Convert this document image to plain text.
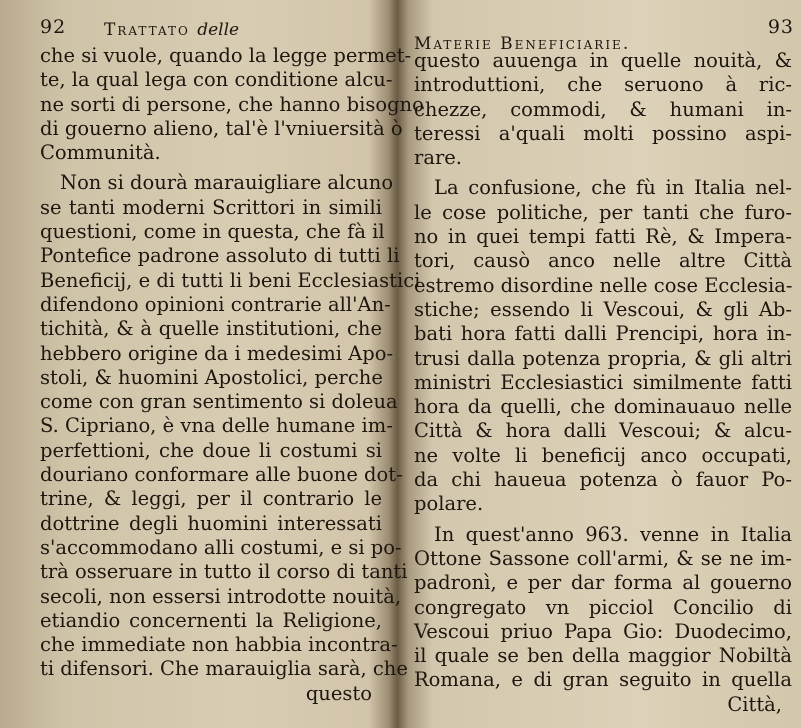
92 Trattato delle
che si vuole, quando la legge permet-
te, la qual lega con conditione alcu-
ne sorti di persone, che hanno bisogno
di gouerno alieno, tal'è l'vniuersità ò
Communità.
Non si dourà marauigliare alcuno
se tanti moderni Scrittori in simili
questioni, come in questa, che fà il
Pontefice padrone assoluto di tutti li
Beneficij, e di tutti li beni Ecclesiastici
difendono opinioni contrarie all'An-
tichità, & à quelle institutioni, che
hebbero origine da i medesimi Apo-
stoli, & huomini Apostolici, perche
come con gran sentimento si doleua
S. Cipriano, è vna delle humane im-
perfettioni, che doue li costumi si
douriano conformare alle buone dot-
trine, & leggi, per il contrario le
dottrine degli huomini interessati
s'accommodano alli costumi, e si po-
trà osseruare in tutto il corso di tanti
secoli, non essersi introdotte nouità,
etiandio concernenti la Religione,
che immediate non habbia incontra-
ti difensori. Che marauiglia sarà, che
questo
Materie Beneficiarie.
93
questo auuenga in quelle nouità, &
introduttioni, che seruono à ric-
chezze, commodi, & humani in-
teressi a'quali molti possino aspi-
rare.
La confusione, che fù in Italia nel-
le cose politiche, per tanti che furo-
no in quei tempi fatti Rè, & Impera-
tori, causò anco nelle altre Città
estremo disordine nelle cose Ecclesia-
stiche; essendo li Vescoui, & gli Ab-
bati hora fatti dalli Prencipi, hora in-
trusi dalla potenza propria, & gli altri
ministri Ecclesiastici similmente fatti
hora da quelli, che dominauauo nelle
Città & hora dalli Vescoui; & alcu-
ne volte li beneficij anco occupati,
da chi haueua potenza ò fauor Po-
polare.
In quest'anno 963. venne in Italia
Ottone Sassone coll'armi, & se ne im-
padronì, e per dar forma al gouerno
congregato vn picciol Concilio di
Vescoui priuo Papa Gio: Duodecimo,
il quale se ben della maggior Nobiltà
Romana, e di gran seguito in quella
Città,
